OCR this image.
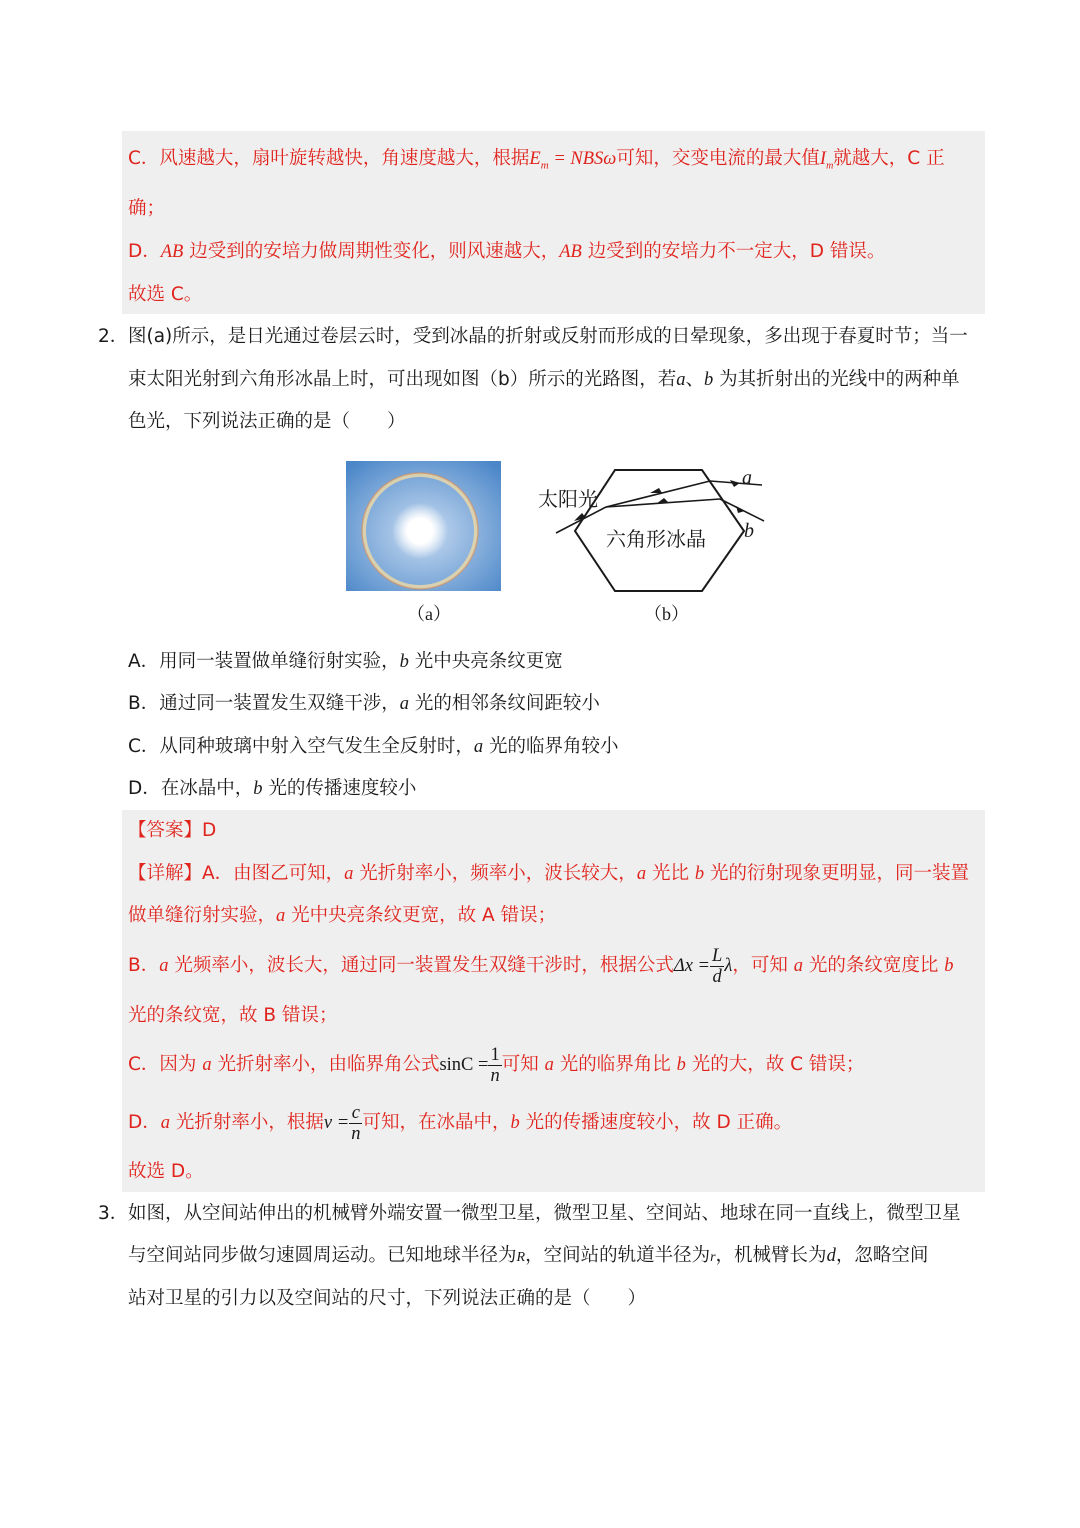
C．风速越大，扇叶旋转越快，角速度越大，根据$E_m = NBS\omega$可知，交变电流的最大值$I_m$就越大，C 正
确；
D．AB 边受到的安培力做周期性变化，则风速越大，AB 边受到的安培力不一定大，D 错误。
故选 C。
2． 图(a)所示，是日光通过卷层云时，受到冰晶的折射或反射而形成的日晕现象，多出现于春夏时节；当一
束太阳光射到六角形冰晶上时，可出现如图（b）所示的光路图，若a、b 为其折射出的光线中的两种单
色光，下列说法正确的是（　　）
（a）
太阳光
六角形冰晶
a
b
（b）
A．用同一装置做单缝衍射实验，b 光中央亮条纹更宽
B．通过同一装置发生双缝干涉，a 光的相邻条纹间距较小
C．从同种玻璃中射入空气发生全反射时，a 光的临界角较小
D．在冰晶中，b 光的传播速度较小
【答案】D
【详解】A．由图乙可知，a 光折射率小，频率小，波长较大，a 光比 b 光的衍射现象更明显，同一装置
做单缝衍射实验，a 光中央亮条纹更宽，故 A 错误；
B．a 光频率小，波长大，通过同一装置发生双缝干涉时，根据公式$\Delta x = \frac{L}{d}$ λ，可知 a 光的条纹宽度比 b
光的条纹宽，故 B 错误；
C．因为 a 光折射率小，由临界角公式$\sin C = \frac{1}{n}$ 可知 a 光的临界角比 b 光的大，故 C 错误；
D．a 光折射率小，根据$v = \frac{c}{n}$ 可知，在冰晶中，b 光的传播速度较小，故 D 正确。
故选 D。
3． 如图，从空间站伸出的机械臂外端安置一微型卫星，微型卫星、空间站、地球在同一直线上，微型卫星
与空间站同步做匀速圆周运动。已知地球半径为R，空间站的轨道半径为r，机械臂长为d，忽略空间
站对卫星的引力以及空间站的尺寸，下列说法正确的是（　　）
